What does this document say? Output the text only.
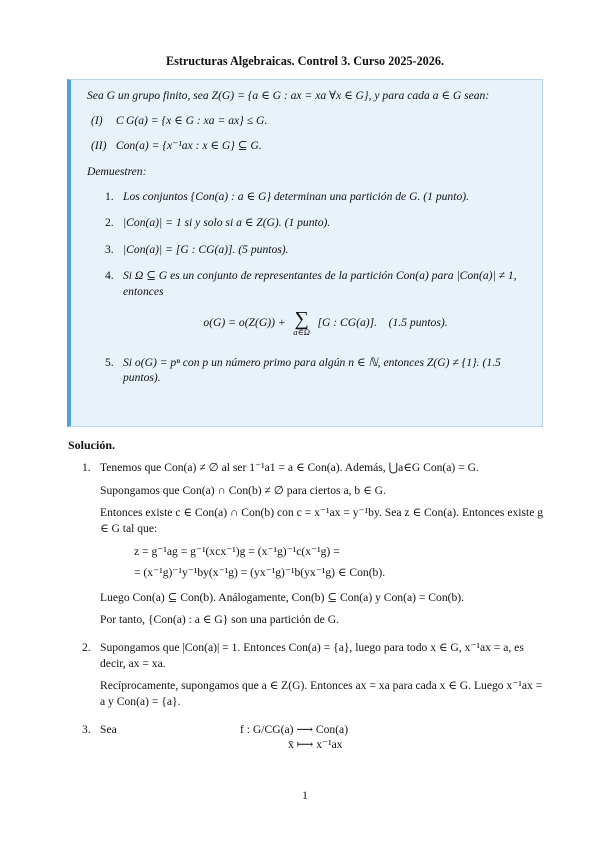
Estructuras Algebraicas. Control 3. Curso 2025-2026.

Sea G un grupo finito, sea Z(G) = {a ∈ G : ax = xa ∀x ∈ G}, y para cada a ∈ G sean:

(I) C G(a) = {x ∈ G : xa = ax} ≤ G.
(II) Con(a) = {x⁻¹ax : x ∈ G} ⊆ G.
Demuestren:
1. Los conjuntos {Con(a) : a ∈ G} determinan una partición de G. (1 punto).
2. |Con(a)| = 1 si y solo si a ∈ Z(G). (1 punto).
3. |Con(a)| = [G : CG(a)]. (5 puntos).
4. Si Ω ⊆ G es un conjunto de representantes de la partición Con(a) para |Con(a)| ≠ 1, entonces
o(G) = o(Z(G)) + ∑
a∈Ω
[G : CG(a)]. (1.5 puntos).
5. Si o(G) = pⁿ con p un número primo para algún n ∈ ℕ, entonces Z(G) ≠ {1}. (1.5 puntos).
Solución.
1. Tenemos que Con(a) ≠ ∅ al ser 1⁻¹a1 = a ∈ Con(a). Además, ⋃a∈G Con(a) = G.

Supongamos que Con(a) ∩ Con(b) ≠ ∅ para ciertos a, b ∈ G.

Entonces existe c ∈ Con(a) ∩ Con(b) con c = x⁻¹ax = y⁻¹by. Sea z ∈ Con(a). Entonces existe g ∈ G tal que:

z = g⁻¹ag = g⁻¹(xcx⁻¹)g = (x⁻¹g)⁻¹c(x⁻¹g) =
= (x⁻¹g)⁻¹y⁻¹by(x⁻¹g) = (yx⁻¹g)⁻¹b(yx⁻¹g) ∈ Con(b).

Luego Con(a) ⊆ Con(b). Análogamente, Con(b) ⊆ Con(a) y Con(a) = Con(b).

Por tanto, {Con(a) : a ∈ G} son una partición de G.

2. Supongamos que |Con(a)| = 1. Entonces Con(a) = {a}, luego para todo x ∈ G, x⁻¹ax = a, es decir, ax = xa.

Recíprocamente, supongamos que a ∈ Z(G). Entonces ax = xa para cada x ∈ G. Luego x⁻¹ax = a y Con(a) = {a}.

3. Sea	f : G/CG(a) ⟶ Con(a)
x̄ ⟼ x⁻¹ax
1
